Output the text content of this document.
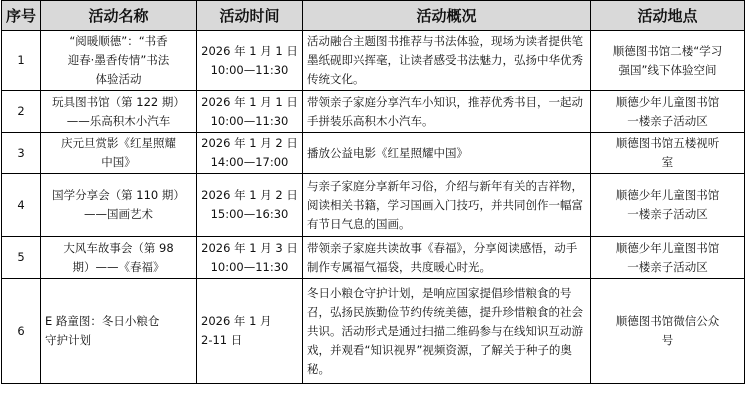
序号	活动名称	活动时间	活动概况	活动地点
1	“阅暖顺德”：“书香
迎春·墨香传情”书法
体验活动	2026 年 1 月 1 日
10:00—11:30	活动融合主题图书推荐与书法体验，现场为读者提供笔墨纸砚即兴挥毫，让读者感受书法魅力，弘扬中华优秀传统文化。	顺德图书馆二楼“学习
强国”线下体验空间

2	玩具图书馆（第 122 期）
——乐高积木小汽车	2026 年 1 月 1 日
10:00—11:30	带领亲子家庭分享汽车小知识，推荐优秀书目，一起动手拼装乐高积木小汽车。	顺德少年儿童图书馆
一楼亲子活动区

3	庆元旦赏影《红星照耀
中国》	2026 年 1 月 2 日
14:00—17:00	播放公益电影《红星照耀中国》	顺德图书馆五楼视听
室

4	国学分享会（第 110 期）
——国画艺术	2026 年 1 月 2 日
15:00—16:30	与亲子家庭分享新年习俗，介绍与新年有关的吉祥物，阅读相关书籍，学习国画入门技巧，并共同创作一幅富有节日气息的国画。	顺德少年儿童图书馆
一楼亲子活动区

5	大风车故事会（第 98
期）——《春福》	2026 年 1 月 3 日
10:00—11:30	带领亲子家庭共读故事《春福》，分享阅读感悟，动手制作专属福气福袋，共度暖心时光。	顺德少年儿童图书馆
一楼亲子活动区

6	E 路童图：冬日小粮仓
守护计划	2026 年 1 月
2-11 日	冬日小粮仓守护计划，是响应国家提倡珍惜粮食的号召，弘扬民族勤俭节约传统美德，提升珍惜粮食的社会共识。活动形式是通过扫描二维码参与在线知识互动游戏，并观看“知识视界”视频资源，了解关于种子的奥秘。	顺德图书馆微信公众
号
